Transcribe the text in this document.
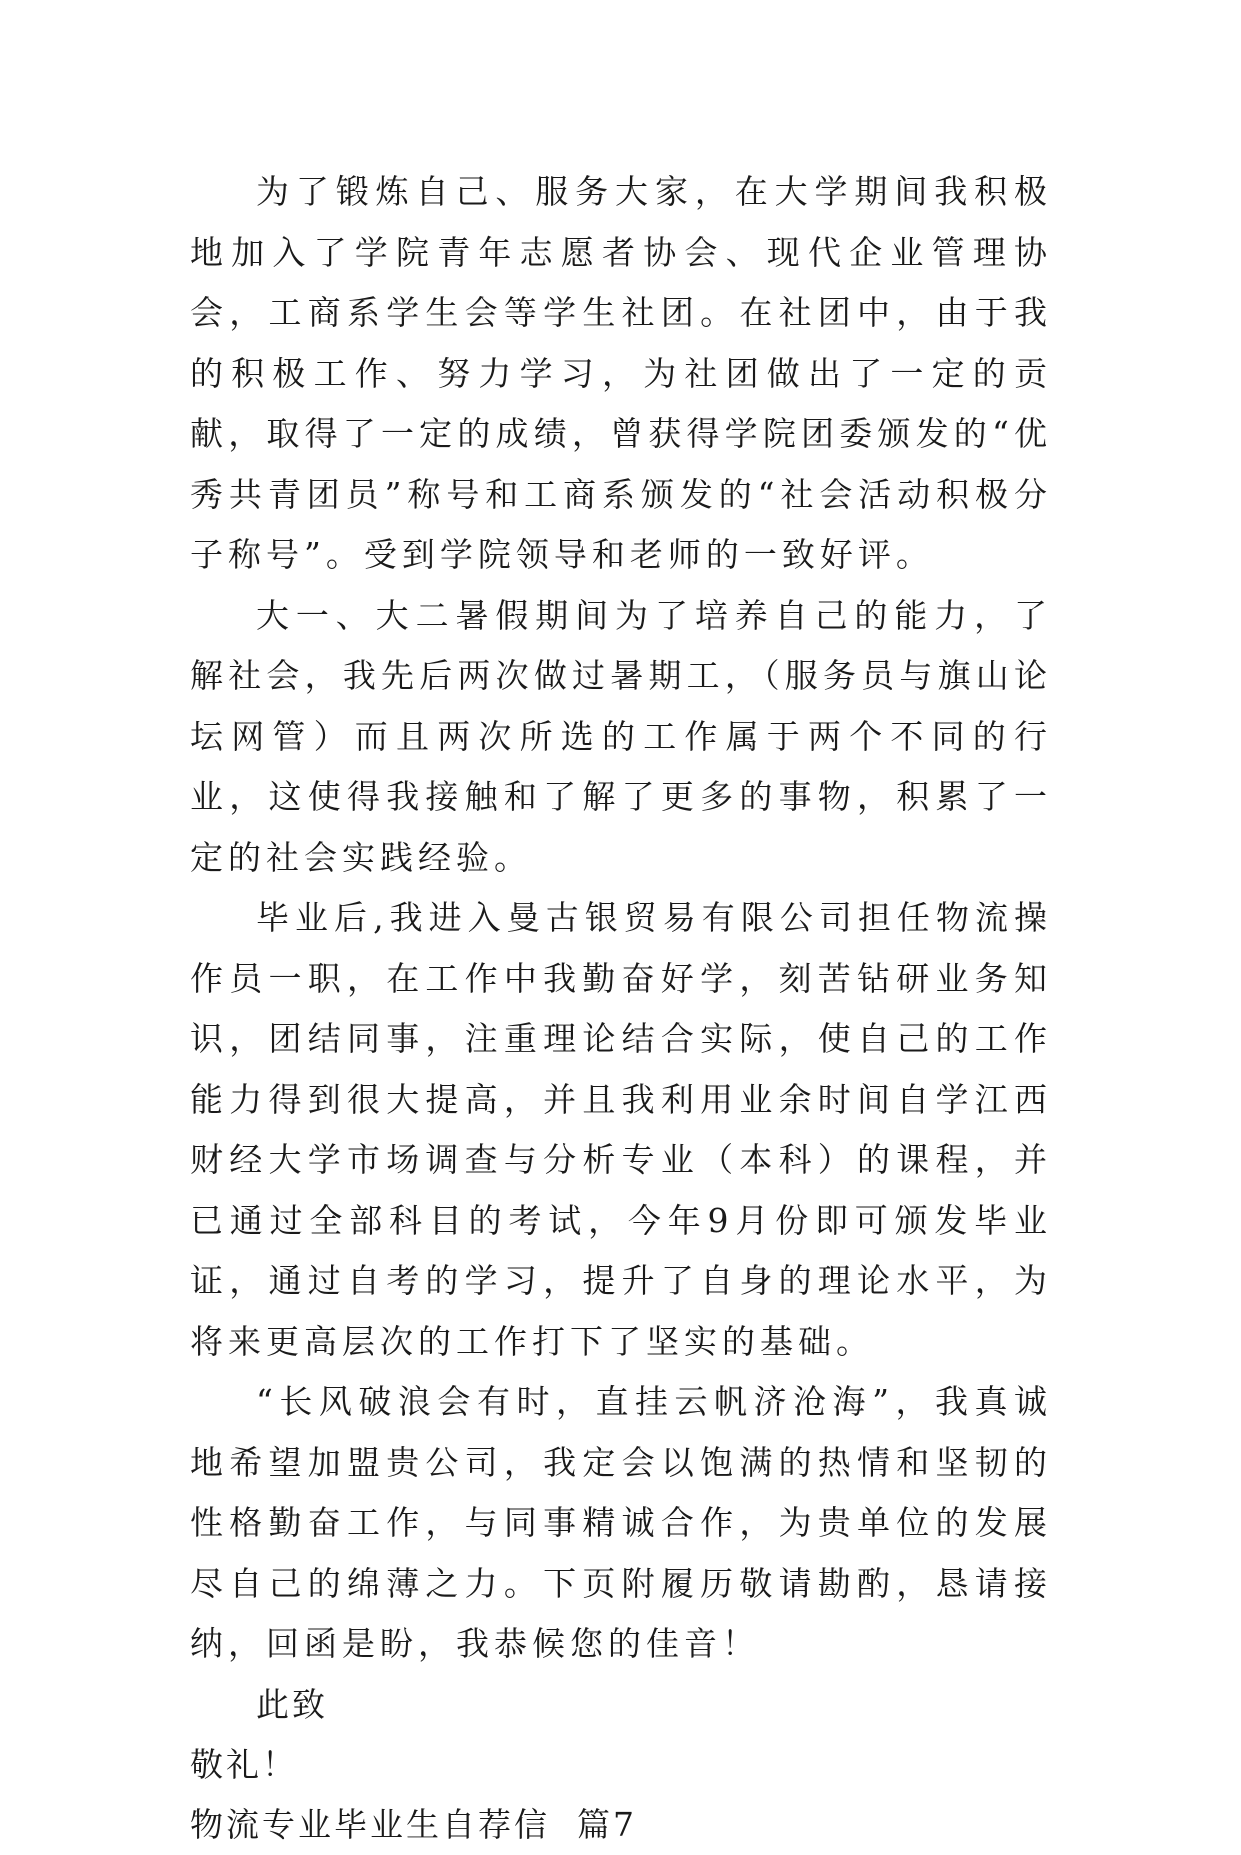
为了锻炼自己、服务大家，在大学期间我积极地加入了学院青年志愿者协会、现代企业管理协会，工商系学生会等学生社团。在社团中，由于我的积极工作、努力学习，为社团做出了一定的贡献，取得了一定的成绩，曾获得学院团委颁发的“优秀共青团员”称号和工商系颁发的“社会活动积极分子称号”。受到学院领导和老师的一致好评。

大一、大二暑假期间为了培养自己的能力，了解社会，我先后两次做过暑期工，（服务员与旗山论坛网管）而且两次所选的工作属于两个不同的行业，这使得我接触和了解了更多的事物，积累了一定的社会实践经验。

毕业后,我进入曼古银贸易有限公司担任物流操作员一职，在工作中我勤奋好学，刻苦钻研业务知识，团结同事，注重理论结合实际，使自己的工作能力得到很大提高，并且我利用业余时间自学江西财经大学市场调查与分析专业（本科）的课程，并已通过全部科目的考试，今年9月份即可颁发毕业证，通过自考的学习，提升了自身的理论水平，为将来更高层次的工作打下了坚实的基础。

“长风破浪会有时，直挂云帆济沧海”，我真诚地希望加盟贵公司，我定会以饱满的热情和坚韧的性格勤奋工作，与同事精诚合作，为贵单位的发展尽自己的绵薄之力。下页附履历敬请勘酌，恳请接纳，回函是盼，我恭候您的佳音！

此致

敬礼！

物流专业毕业生自荐信  篇7
